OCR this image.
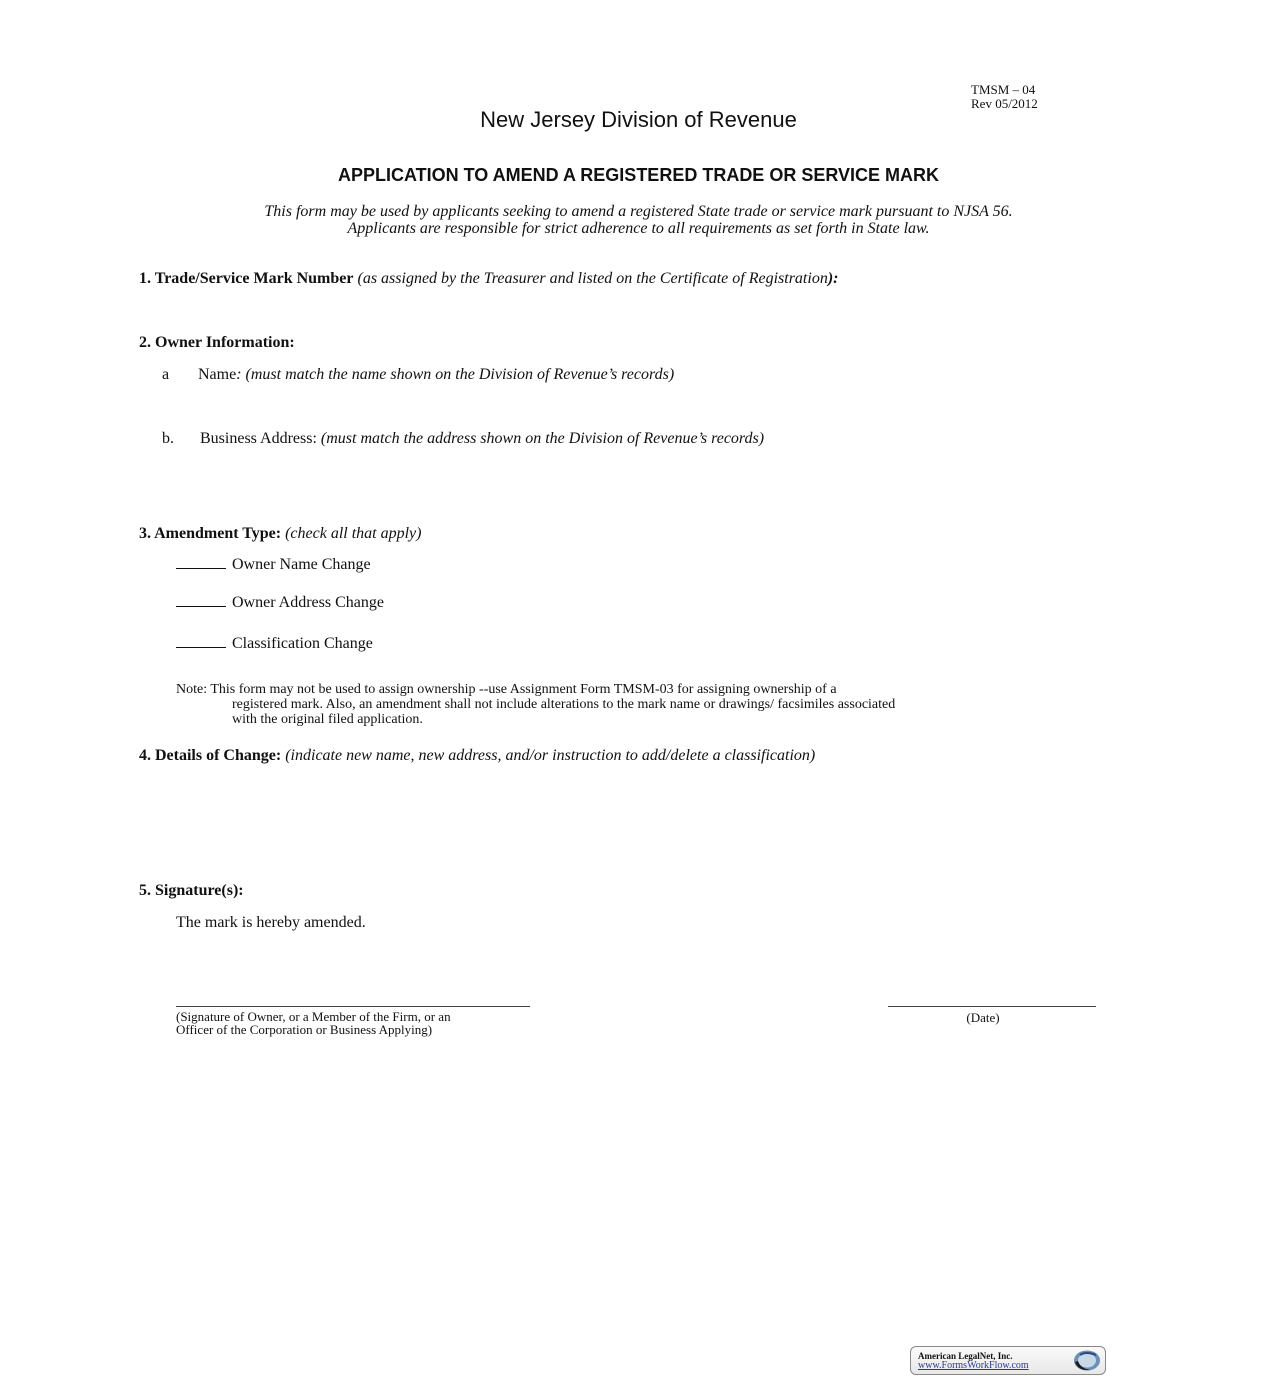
TMSM – 04
Rev 05/2012
New Jersey Division of Revenue
APPLICATION TO AMEND A REGISTERED TRADE OR SERVICE MARK
This form may be used by applicants seeking to amend a registered State trade or service mark pursuant to NJSA 56.
Applicants are responsible for strict adherence to all requirements as set forth in State law.
1. Trade/Service Mark Number (as assigned by the Treasurer and listed on the Certificate of Registration):
2. Owner Information:
a Name: (must match the name shown on the Division of Revenue’s records)
b. Business Address: (must match the address shown on the Division of Revenue’s records)
3. Amendment Type: (check all that apply)
Owner Name Change
Owner Address Change
Classification Change
Note: This form may not be used to assign ownership --use Assignment Form TMSM-03 for assigning ownership of a
registered mark. Also, an amendment shall not include alterations to the mark name or drawings/ facsimiles associated
with the original filed application.
4. Details of Change: (indicate new name, new address, and/or instruction to add/delete a classification)
5. Signature(s):
The mark is hereby amended.
(Signature of Owner, or a Member of the Firm, or an
Officer of the Corporation or Business Applying)
(Date)
American LegalNet, Inc.
www.FormsWorkFlow.com
